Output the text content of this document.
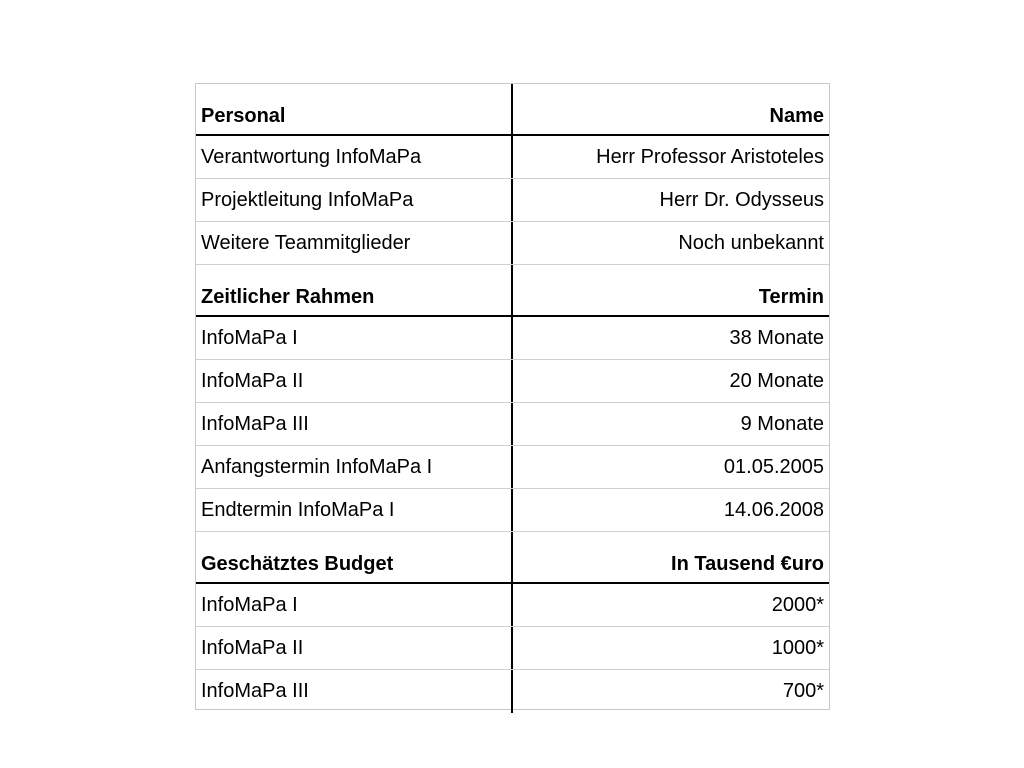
Personal	Name
Verantwortung InfoMaPa	Herr Professor Aristoteles
Projektleitung InfoMaPa	Herr Dr. Odysseus
Weitere Teammitglieder	Noch unbekannt
Zeitlicher Rahmen	Termin
InfoMaPa I	38 Monate
InfoMaPa II	20 Monate
InfoMaPa III	9 Monate
Anfangstermin InfoMaPa I	01.05.2005
Endtermin InfoMaPa I	14.06.2008
Geschätztes Budget	In Tausend €uro
InfoMaPa I	2000*
InfoMaPa II	1000*
InfoMaPa III	700*
